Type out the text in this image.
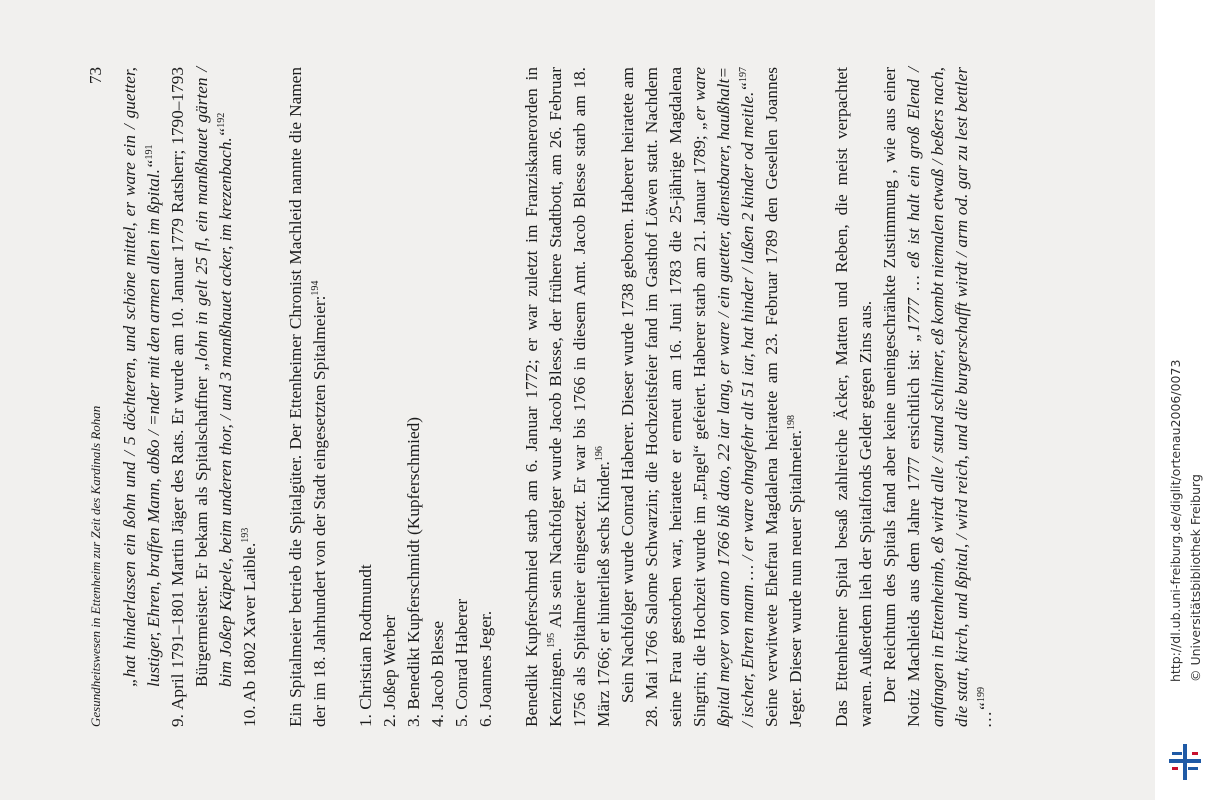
Gesundheitswesen in Ettenheim zur Zeit des Kardinals Rohan
73 „hat hinderlassen ein ßohn und / 5 döchteren, und schöne mittel, er ware ein / guetter, lustiger, Ehren, braffen Mann, abßo / =nder mit den armen allen im ßpital.“$^{191}$ 9. April 1791–1801 Martin Jäger des Rats. Er wurde am 10. Januar 1779 Ratsherr; 1790–1793 Bürgermeister. Er bekam als Spitalschaffner „lohn in gelt 25 fl, ein manßhauet gärten / bim Joßep Käpele, beim underen thor, / und 3 manßhauet acker, im krezenbach.“$^{192}$

10. Ab 1802 Xaver Laible.$^{193}$	Ein Spitalmeier betrieb die Spitalgüter. Der Ettenheimer Chronist Machleid nannte die Namen der im 18. Jahrhundert von der Stadt eingesetzten Spitalmeier:$^{194}$

1. Christian Rodtmundt 2. Joßep Werber 3. Benedikt Kupferschmidt (Kupferschmied) 4. Jacob Blesse 5. Conrad Haberer 6. Joannes Jeger. Benedikt Kupferschmied starb am 6. Januar 1772; er war zuletzt im Franziskanerorden in Kenzingen.$^{195}$ Als sein Nachfolger wurde Jacob Blesse, der frühere Stadtbott, am 26. Februar 1756 als Spitalmeier eingesetzt. Er war bis 1766 in diesem Amt. Jacob Blesse starb am 18. März 1766; er hinterließ sechs Kinder.$^{196}$ Sein Nachfolger wurde Conrad Haberer. Dieser wurde 1738 geboren. Haberer heiratete am 28. Mai 1766 Salome Schwarzin; die Hochzeitsfeier fand im Gasthof Löwen statt. Nachdem seine Frau gestorben war, heiratete er erneut am 16. Juni 1783 die 25-jährige Magdalena Singrin; die Hochzeit wurde im „Engel“ gefeiert. Haberer starb am 21. Januar 1789; „er ware ßpital meyer von anno 1766 biß dato, 22 iar lang, er ware / ein guetter, dienstbarer, haußhalt= / ischer, Ehren mann … / er ware ohngefehr alt 51 iar, hat hinder / laßen 2 kinder od meitle.“$^{197}$ Seine verwitwete Ehefrau Magdalena heiratete am 23. Februar 1789 den Gesellen Joannes Jeger. Dieser wurde nun neuer Spitalmeier.$^{198}$	Das Ettenheimer Spital besaß zahlreiche Äcker, Matten und Reben, die meist verpachtet waren. Außerdem lieh der Spitalfonds Gelder gegen Zins aus. Der Reichtum des Spitals fand aber keine uneingeschränkte Zustimmung , wie aus einer Notiz Machleids aus dem Jahre 1777 ersichtlich ist: „1777 … eß ist halt ein groß Elend / anfangen in Ettenheimb, eß wirdt alle / stund schlimer, eß kombt niemalen etwaß / beßers nach, die statt, kirch, und ßpital, / wird reich, und die burgerschafft wirdt / arm od. gar zu lest bettler …“$^{199}$

http://dl.ub.uni-freiburg.de/diglit/ortenau2006/0073 © Universitätsbibliothek Freiburg
